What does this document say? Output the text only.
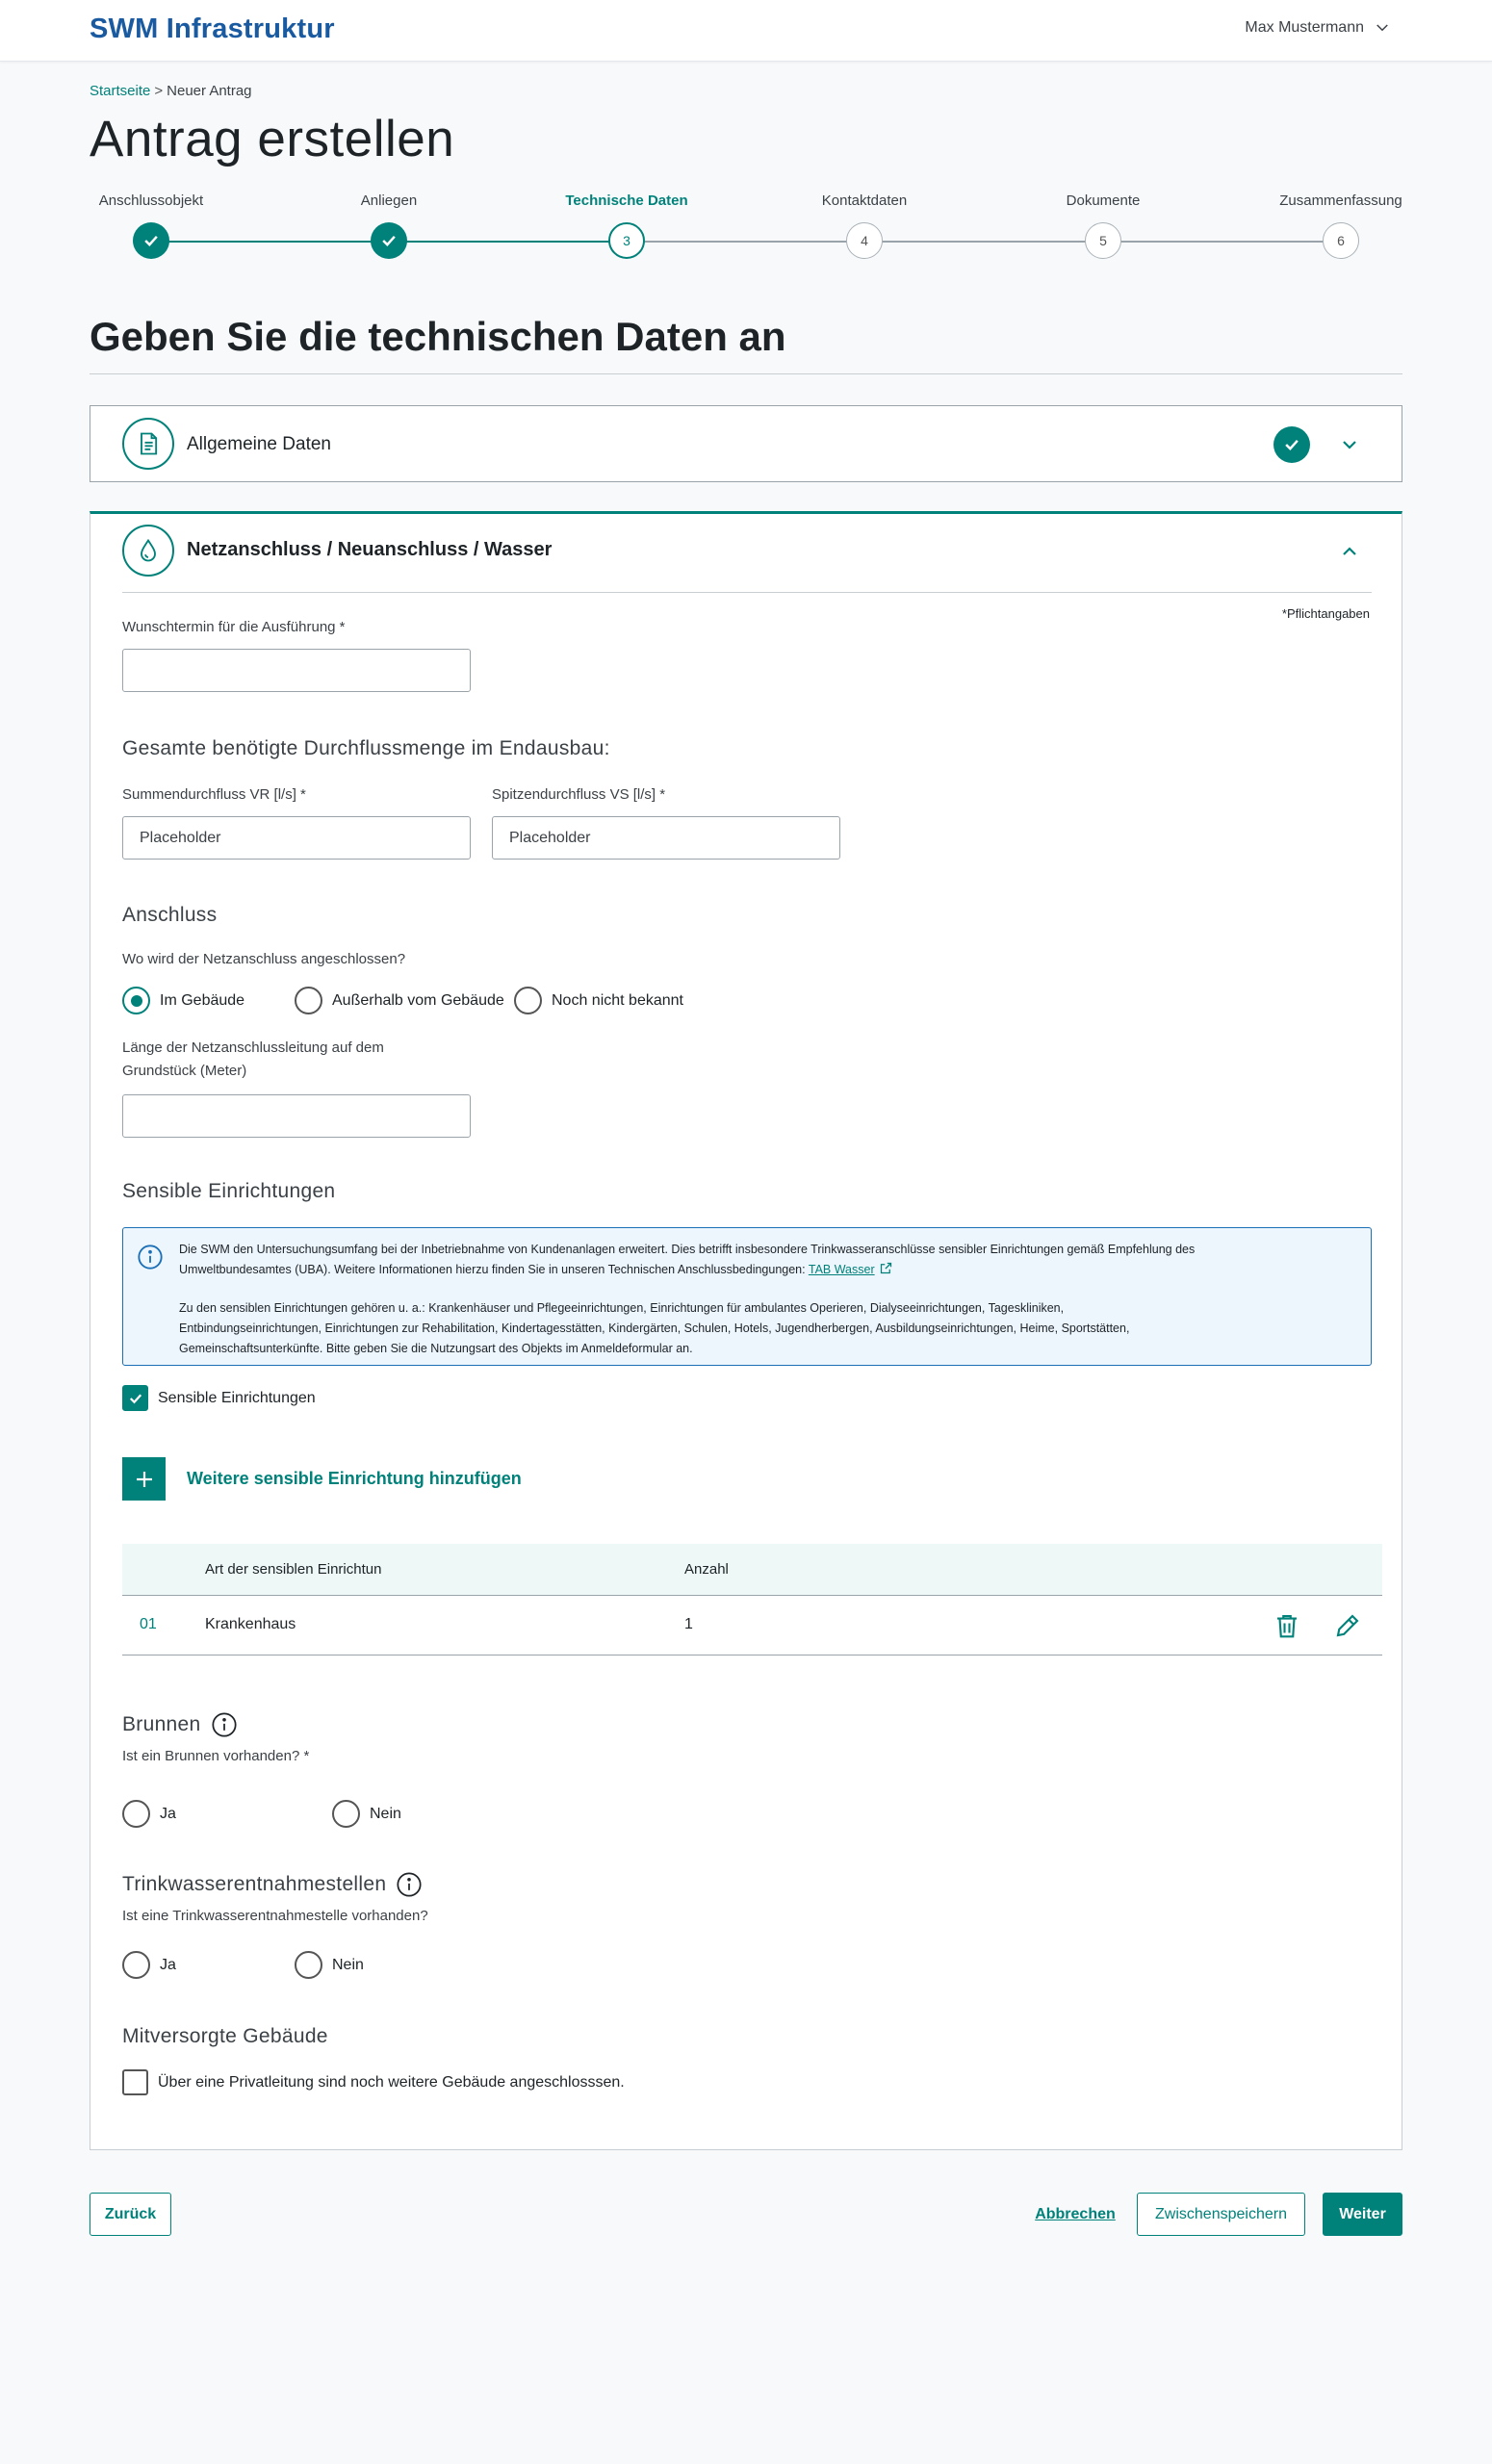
SWM Infrastruktur	Max Mustermann
Startseite > Neuer Antrag
Antrag erstellen
Anschlussobjekt	Anliegen	Technische Daten
3
Kontaktdaten
4
Dokumente
5
Zusammenfassung
6
Geben Sie die technischen Daten an
Allgemeine Daten
Netzanschluss / Neuanschluss / Wasser
*Pflichtangaben
Wunschtermin für die Ausführung *
Gesamte benötigte Durchflussmenge im Endausbau:
Summendurchfluss VR [l/s] *
Placeholder	Spitzendurchfluss VS [l/s] *
Placeholder
Anschluss
Wo wird der Netzanschluss angeschlossen?
Im Gebäude	Außerhalb vom Gebäude	Noch nicht bekannt
Länge der Netzanschlussleitung auf dem
Grundstück (Meter)
Sensible Einrichtungen

Die SWM den Untersuchungsumfang bei der Inbetriebnahme von Kundenanlagen erweitert. Dies betrifft insbesondere Trinkwasseranschlüsse sensibler Einrichtungen gemäß Empfehlung des

Umweltbundesamtes (UBA). Weitere Informationen hierzu finden Sie in unseren Technischen Anschlussbedingungen: TAB Wasser

Zu den sensiblen Einrichtungen gehören u. a.: Krankenhäuser und Pflegeeinrichtungen, Einrichtungen für ambulantes Operieren, Dialyseeinrichtungen, Tageskliniken,

Entbindungseinrichtungen, Einrichtungen zur Rehabilitation, Kindertagesstätten, Kindergärten, Schulen, Hotels, Jugendherbergen, Ausbildungseinrichtungen, Heime, Sportstätten,

Gemeinschaftsunterkünfte. Bitte geben Sie die Nutzungsart des Objekts im Anmeldeformular an.

Sensible Einrichtungen
Weitere sensible Einrichtung hinzufügen
Art der sensiblen Einrichtun	Anzahl
01	Krankenhaus	1
Brunnen
Ist ein Brunnen vorhanden? *
Ja	Nein
Trinkwasserentnahmestellen
Ist eine Trinkwasserentnahmestelle vorhanden?
Ja	Nein
Mitversorgte Gebäude
Über eine Privatleitung sind noch weitere Gebäude angeschlosssen.
Zurück	Abbrechen	Zwischenspeichern	Weiter
